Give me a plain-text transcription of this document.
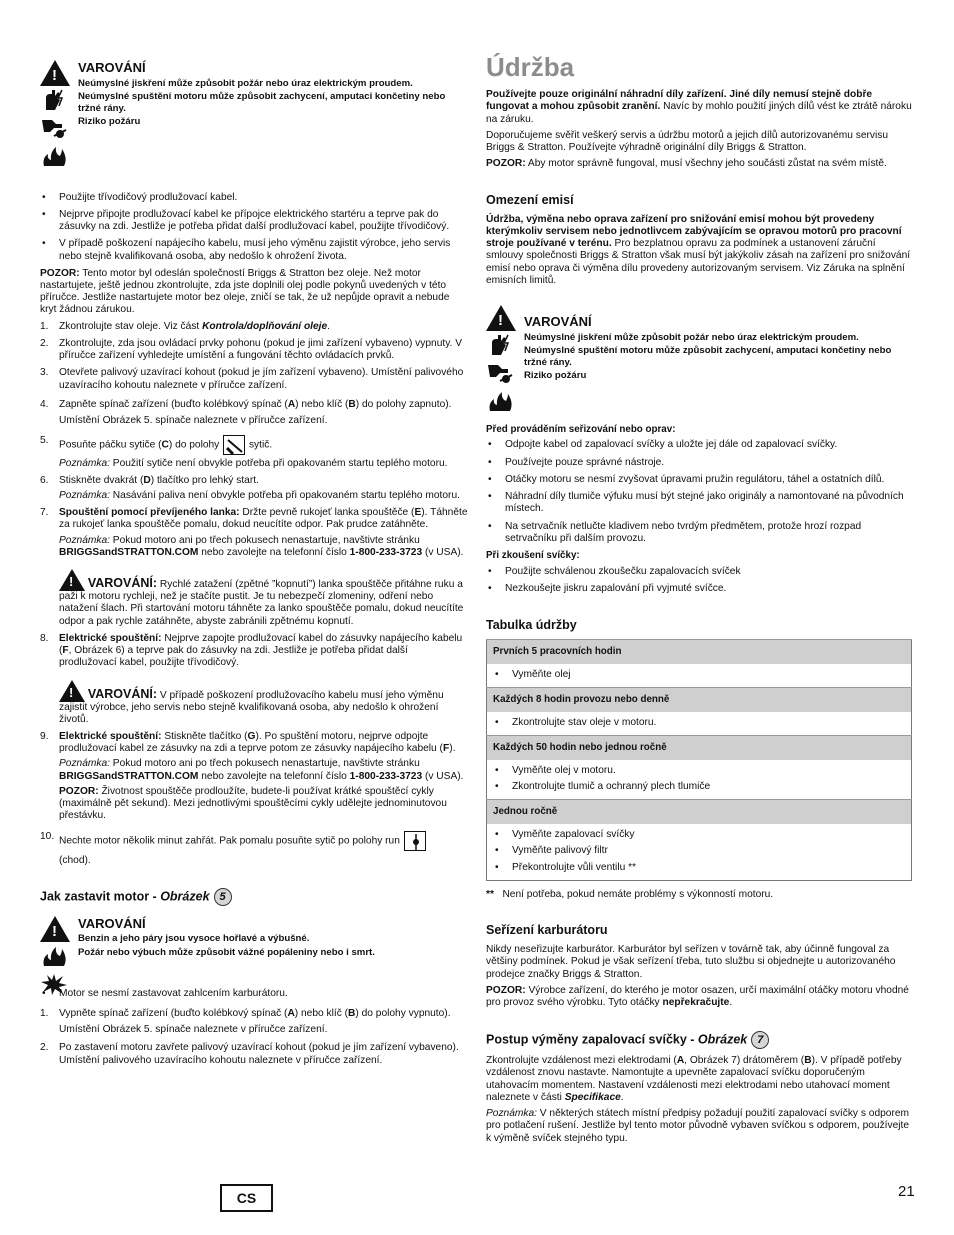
!
VAROVÁNÍ
Neúmyslné jiskření může způsobit požár nebo úraz elektrickým proudem.
Neúmyslné spuštění motoru může způsobit zachycení, amputaci končetiny nebo tržné rány.
Riziko požáru
• Použijte třívodičový prodlužovací kabel.
• Nejprve připojte prodlužovací kabel ke přípojce elektrického startéru a teprve pak do zásuvky na zdi. Jestliže je potřeba přidat další prodlužovací kabel, použijte třívodičový.
• V případě poškození napájecího kabelu, musí jeho výměnu zajistit výrobce, jeho servis nebo stejně kvalifikovaná osoba, aby nedošlo k ohrožení života.

POZOR: Tento motor byl odeslán společností Briggs & Stratton bez oleje. Než motor nastartujete, ještě jednou zkontrolujte, zda jste doplnili olej podle pokynů uvedených v této příručce. Jestliže nastartujete motor bez oleje, zničí se tak, že už nepůjde opravit a nebude kryt žádnou zárukou.

1. Zkontrolujte stav oleje. Viz část Kontrola/doplňování oleje.
2. Zkontrolujte, zda jsou ovládací prvky pohonu (pokud je jimi zařízení vybaveno) vypnuty. V příručce zařízení vyhledejte umístění a fungování těchto ovládacích prvků.
3. Otevřete palivový uzavírací kohout (pokud je jím zařízení vybaveno). Umístění palivového uzavíracího kohoutu naleznete v příručce zařízení.
4. Zapněte spínač zařízení (buďto kolébkový spínač (A) nebo klíč (B) do polohy zapnuto). Umístění Obrázek 5. spínače naleznete v příručce zařízení.
5. Posuňte páčku sytiče (C) do polohy	sytič.
Poznámka: Použití sytiče není obvykle potřeba při opakovaném startu teplého motoru.
6. Stiskněte dvakrát (D) tlačítko pro lehký start.
Poznámka: Nasávání paliva není obvykle potřeba při opakovaném startu teplého motoru.
7. Spouštění pomocí převíjeného lanka: Držte pevně rukojeť lanka spouštěče (E). Táhněte za rukojeť lanka spouštěče pomalu, dokud neucítíte odpor. Pak prudce zatáhněte.
Poznámka: Pokud motoro ani po třech pokusech nenastartuje, navštivte stránku BRIGGSandSTRATTON.COM nebo zavolejte na telefonní číslo 1-800-233-3723 (v USA).
! VAROVÁNÍ: Rychlé zatažení (zpětné ”kopnutí”) lanka spouštěče přitáhne ruku a paži k motoru rychleji, než je stačíte pustit. Je tu nebezpečí zlomeniny, odření nebo natažení šlach. Při startování motoru táhněte za lanko spouštěče pomalu, dokud neucítíte odpor a pak rychle zatáhněte, abyste zabránili zpětnému kopnutí.
8. Elektrické spouštění: Nejprve zapojte prodlužovací kabel do zásuvky napájecího kabelu (F, Obrázek 6) a teprve pak do zásuvky na zdi. Jestliže je potřeba přidat další prodlužovací kabel, použijte třívodičový.
! VAROVÁNÍ: V případě poškození prodlužovacího kabelu musí jeho výměnu zajistit výrobce, jeho servis nebo stejně kvalifikovaná osoba, aby nedošlo k ohrožení životů.
9. Elektrické spouštění: Stiskněte tlačítko (G). Po spuštění motoru, nejprve odpojte prodlužovací kabel ze zásuvky na zdi a teprve potom ze zásuvky napájecího kabelu (F).
Poznámka: Pokud motoro ani po třech pokusech nenastartuje, navštivte stránku BRIGGSandSTRATTON.COM nebo zavolejte na telefonní číslo 1-800-233-3723 (v USA).
POZOR: Životnost spouštěče prodloužíte, budete-li používat krátké spouštěcí cykly (maximálně pět sekund). Mezi jednotlivými spouštěcími cykly udělejte jednominutovou přestávku.
10. Nechte motor několik minut zahřát. Pak pomalu posuňte sytič po polohy run
(chod).
Jak zastavit motor - Obrázek 5
!
VAROVÁNÍ
Benzin a jeho páry jsou vysoce hořlavé a výbušné.
Požár nebo výbuch může způsobit vážné popáleniny nebo i smrt.
• Motor se nesmí zastavovat zahlcením karburátoru.
1. Vypněte spínač zařízení (buďto kolébkový spínač (A) nebo klíč (B) do polohy vypnuto). Umístění Obrázek 5. spínače naleznete v příručce zařízení.
2. Po zastavení motoru zavřete palivový uzavírací kohout (pokud je jím zařízení vybaveno). Umístění palivového uzavíracího kohoutu naleznete v příručce zařízení.
Údržba

Používejte pouze originální náhradní díly zařízení. Jiné díly nemusí stejně dobře fungovat a mohou způsobit zranění. Navíc by mohlo použití jiných dílů vést ke ztrátě nároku na záruku.

Doporučujeme svěřit veškerý servis a údržbu motorů a jejich dílů autorizovanému servisu Briggs & Stratton. Používejte výhradně originální díly Briggs & Stratton.

POZOR: Aby motor správně fungoval, musí všechny jeho součásti zůstat na svém místě.

Omezení emisí

Údržba, výměna nebo oprava zařízení pro snižování emisí mohou být provedeny kterýmkoliv servisem nebo jednotlivcem zabývajícím se opravou motorů pro pracovní stroje používané v terénu. Pro bezplatnou opravu za podmínek a ustanovení záruční smlouvy společnosti Briggs & Stratton však musí být jakýkoliv zásah na zařízení pro snižování emisí nebo oprava či výměna dílu provedeny autorizovaným servisem. Viz Záruka na splnění emisních limitů.

!
VAROVÁNÍ
Neúmyslné jiskření může způsobit požár nebo úraz elektrickým proudem.
Neúmyslné spuštění motoru může způsobit zachycení, amputaci končetiny nebo tržné rány.
Riziko požáru

Před prováděním seřizování nebo oprav:

• Odpojte kabel od zapalovací svíčky a uložte jej dále od zapalovací svíčky.
• Používejte pouze správné nástroje.
• Otáčky motoru se nesmí zvyšovat úpravami pružin regulátoru, táhel a ostatních dílů.
• Náhradní díly tlumiče výfuku musí být stejné jako originály a namontované na původních místech.
• Na setrvačník netlučte kladivem nebo tvrdým předmětem, protože hrozí rozpad setrvačníku při dalším provozu.

Při zkoušení svíčky:

• Použijte schválenou zkoušečku zapalovacích svíček
• Nezkoušejte jiskru zapalování při vyjmuté svíčce.
Tabulka údržby
Prvních 5 pracovních hodin

• Vyměňte olej

Každých 8 hodin provozu nebo denně

• Zkontrolujte stav oleje v motoru.

Každých 50 hodin nebo jednou ročně

• Vyměňte olej v motoru.
• Zkontrolujte tlumič a ochranný plech tlumiče

Jednou ročně

• Vyměňte zapalovací svíčky
• Vyměňte palivový filtr
• Překontrolujte vůli ventilu **

** Není potřeba, pokud nemáte problémy s výkonností motoru.

Seřízení karburátoru

Nikdy neseřizujte karburátor. Karburátor byl seřízen v továrně tak, aby účinně fungoval za většiny podmínek. Pokud je však seřízení třeba, tuto službu si objednejte u autorizovaného prodejce značky Briggs & Stratton.

POZOR: Výrobce zařízení, do kterého je motor osazen, určí maximální otáčky motoru vhodné pro provoz svého výrobku. Tyto otáčky nepřekračujte.

Postup výměny zapalovací svíčky - Obrázek 7

Zkontrolujte vzdálenost mezi elektrodami (A, Obrázek 7) drátoměrem (B). V případě potřeby vzdálenost znovu nastavte. Namontujte a upevněte zapalovací svíčku doporučeným utahovacím momentem. Nastavení vzdálenosti mezi elektrodami nebo utahovací moment naleznete v části Specifikace.

Poznámka: V některých státech místní předpisy požadují použití zapalovací svíčky s odporem pro potlačení rušení. Jestliže byl tento motor původně vybaven svíčkou s odporem, používejte k výměně svíček stejného typu.

CS	21
